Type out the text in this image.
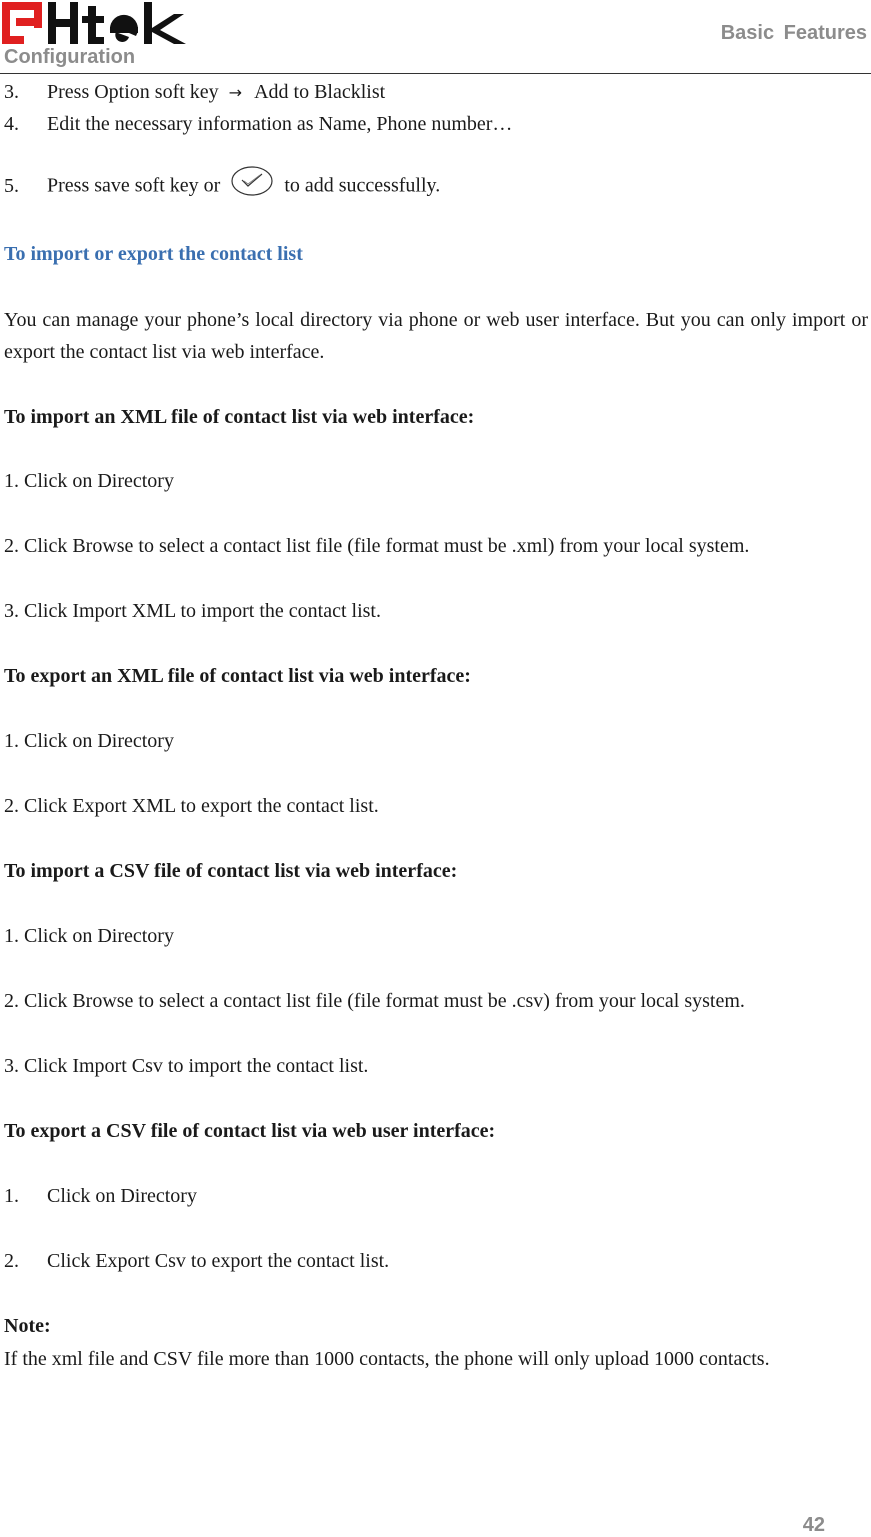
Configuration
Basic Features
3. Press Option soft key → Add to Blacklist
4. Edit the necessary information as Name, Phone number…
5. Press save soft key or	to add successfully.
To import or export the contact list
You can manage your phone’s local directory via phone or web user interface. But you can only import or export the contact list via web interface.
To import an XML file of contact list via web interface:
1. Click on Directory
2. Click Browse to select a contact list file (file format must be .xml) from your local system.
3. Click Import XML to import the contact list.
To export an XML file of contact list via web interface:
1. Click on Directory
2. Click Export XML to export the contact list.
To import a CSV file of contact list via web interface:
1. Click on Directory
2. Click Browse to select a contact list file (file format must be .csv) from your local system.
3. Click Import Csv to import the contact list.
To export a CSV file of contact list via web user interface:
1. Click on Directory
2. Click Export Csv to export the contact list.
Note:
If the xml file and CSV file more than 1000 contacts, the phone will only upload 1000 contacts.
42
